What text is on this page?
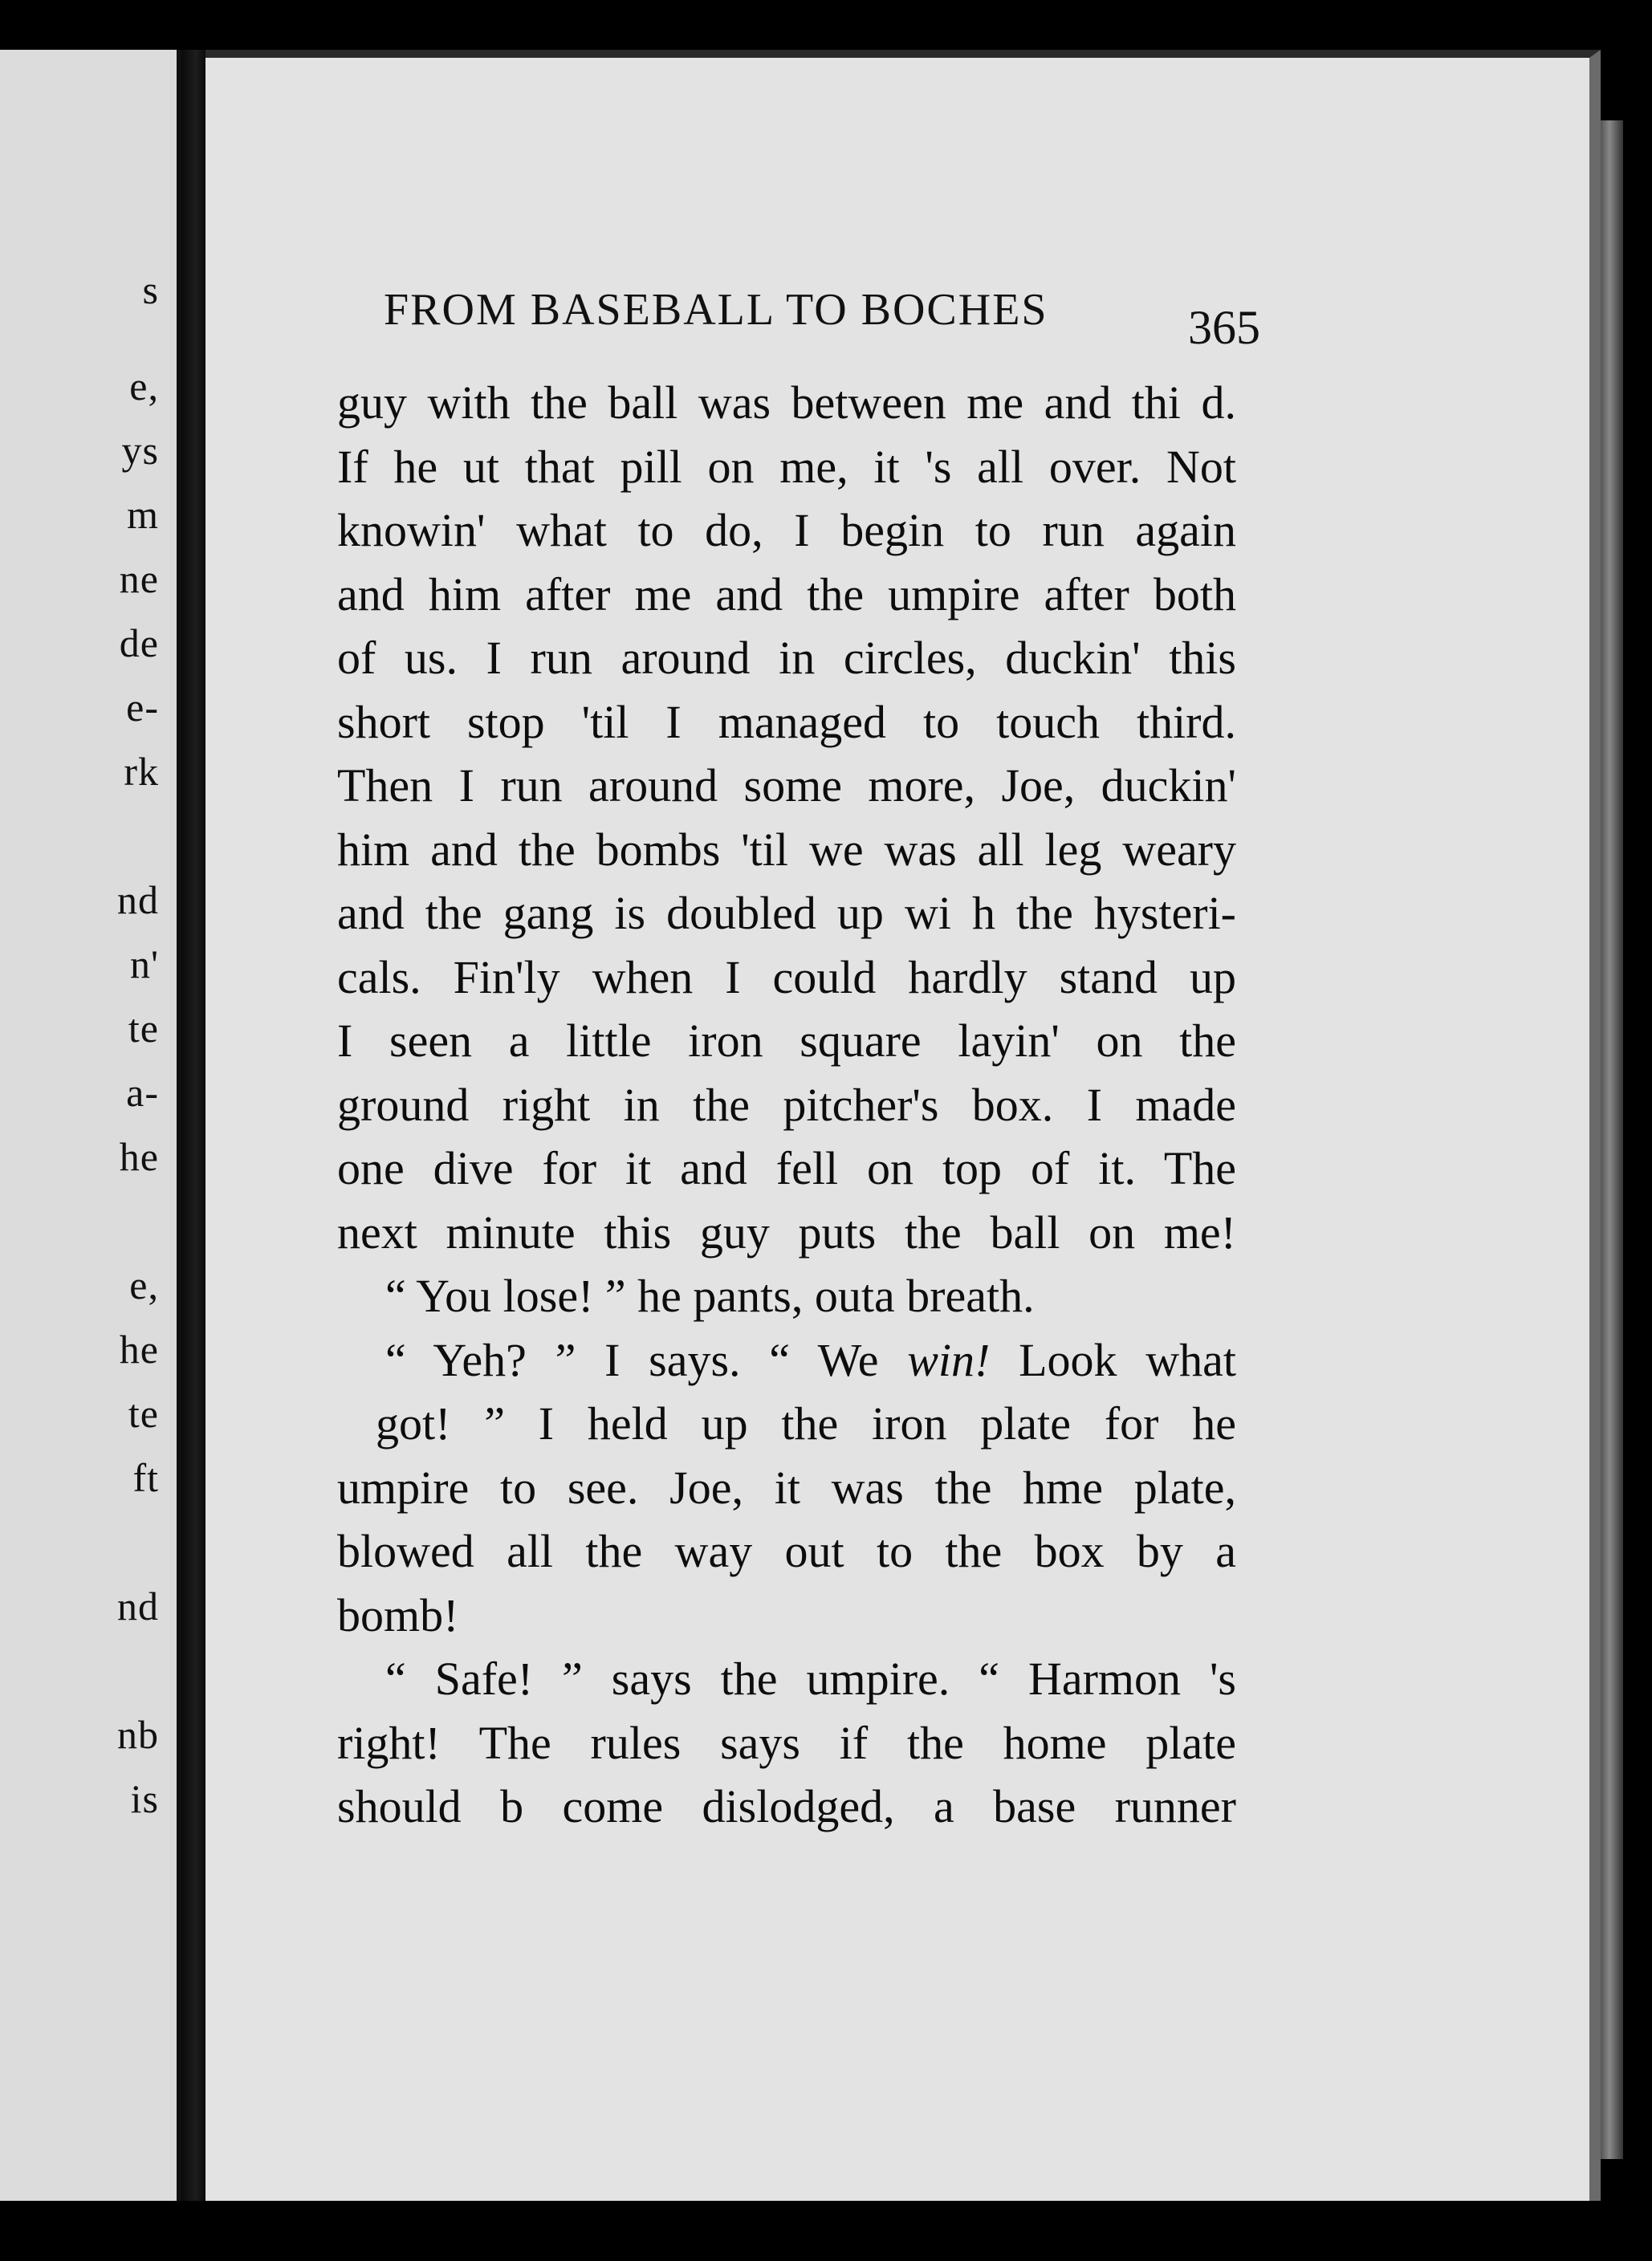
s
e,
ys
m
ne
de
e-
rk
nd
n'
te
a-
he
e,
he
te
ft
nd
nb
is
FROM BASEBALL TO BOCHES	365
guy with the ball was between me and thi d.
If he ut that pill on me, it 's all over. Not
knowin' what to do, I begin to run again
and him after me and the umpire after both
of us. I run around in circles, duckin' this
short stop 'til I managed to touch third.
Then I run around some more, Joe, duckin'
him and the bombs 'til we was all leg weary
and the gang is doubled up wi h the hysteri-
cals. Fin'ly when I could hardly stand up
I seen a little iron square layin' on the
ground right in the pitcher's box. I made
one dive for it and fell on top of it. The
next minute this guy puts the ball on me!
“ You lose! ” he pants, outa breath.
“ Yeh? ” I says. “ We win! Look what
got! ” I held up the iron plate for he
umpire to see. Joe, it was the hme plate,
blowed all the way out to the box by a
bomb!
“ Safe! ” says the umpire. “ Harmon 's
right! The rules says if the home plate
should b come dislodged, a base runner
